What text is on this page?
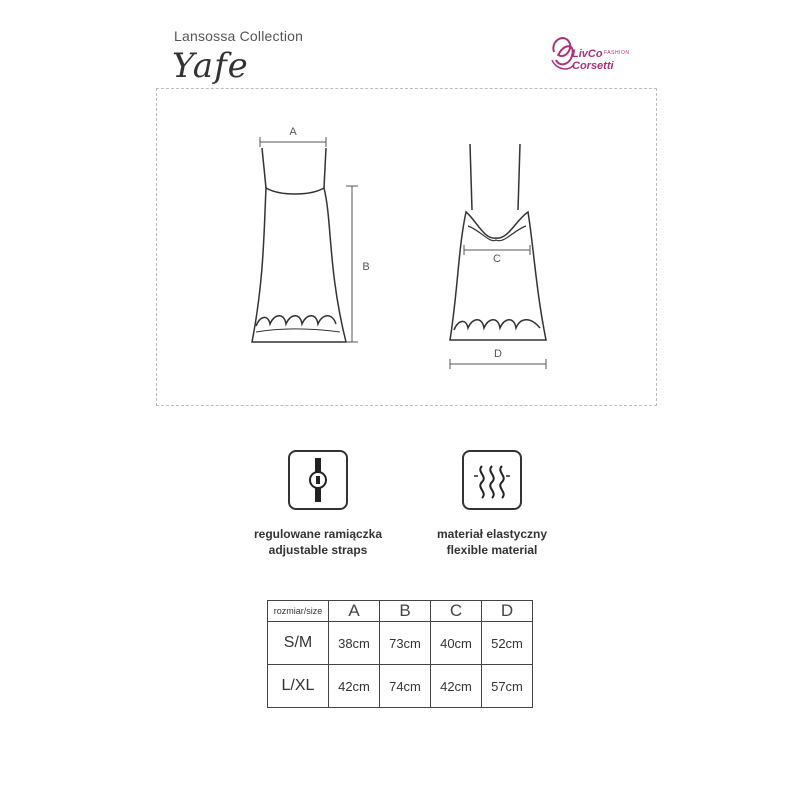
Lansossa Collection
Yafe	LivCo FASHION
Corsetti
A
B
C
D
regulowane ramiączka
adjustable straps
materiał elastyczny
flexible material
rozmiar/size	A	B	C	D
S/M	38cm	73cm	40cm	52cm
L/XL	42cm	74cm	42cm	57cm
